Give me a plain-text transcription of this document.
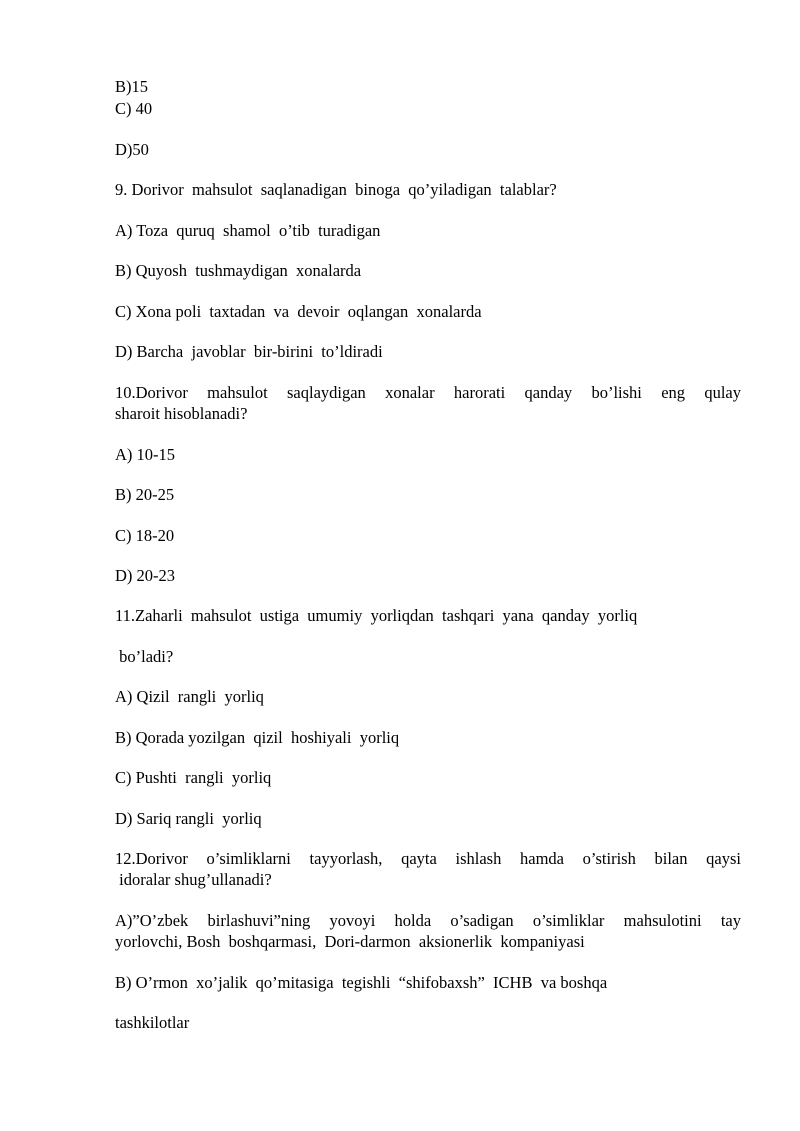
B)15
C) 40
D)50
9. Dorivor  mahsulot  saqlanadigan  binoga  qo’yiladigan  talablar?
A) Toza  quruq  shamol  o’tib  turadigan
B) Quyosh  tushmaydigan  xonalarda
C) Xona poli  taxtadan  va  devoir  oqlangan  xonalarda
D) Barcha  javoblar  bir-birini  to’ldiradi
10.Dorivor mahsulot saqlaydigan xonalar harorati qanday bo’lishi eng qulay
sharoit hisoblanadi?
A) 10-15
B) 20-25
C) 18-20
D) 20-23
11.Zaharli  mahsulot  ustiga  umumiy  yorliqdan  tashqari  yana  qanday  yorliq
bo’ladi?
A) Qizil  rangli  yorliq
B) Qorada yozilgan  qizil  hoshiyali  yorliq
C) Pushti  rangli  yorliq
D) Sariq rangli  yorliq
12.Dorivor o’simliklarni tayyorlash, qayta ishlash hamda o’stirish bilan qaysi
idoralar shug’ullanadi?
A)”O’zbek birlashuvi”ning yovoyi holda o’sadigan o’simliklar mahsulotini tay
yorlovchi, Bosh  boshqarmasi,  Dori-darmon  aksionerlik  kompaniyasi
B) O’rmon  xo’jalik  qo’mitasiga  tegishli  “shifobaxsh”  ICHB  va boshqa
tashkilotlar
